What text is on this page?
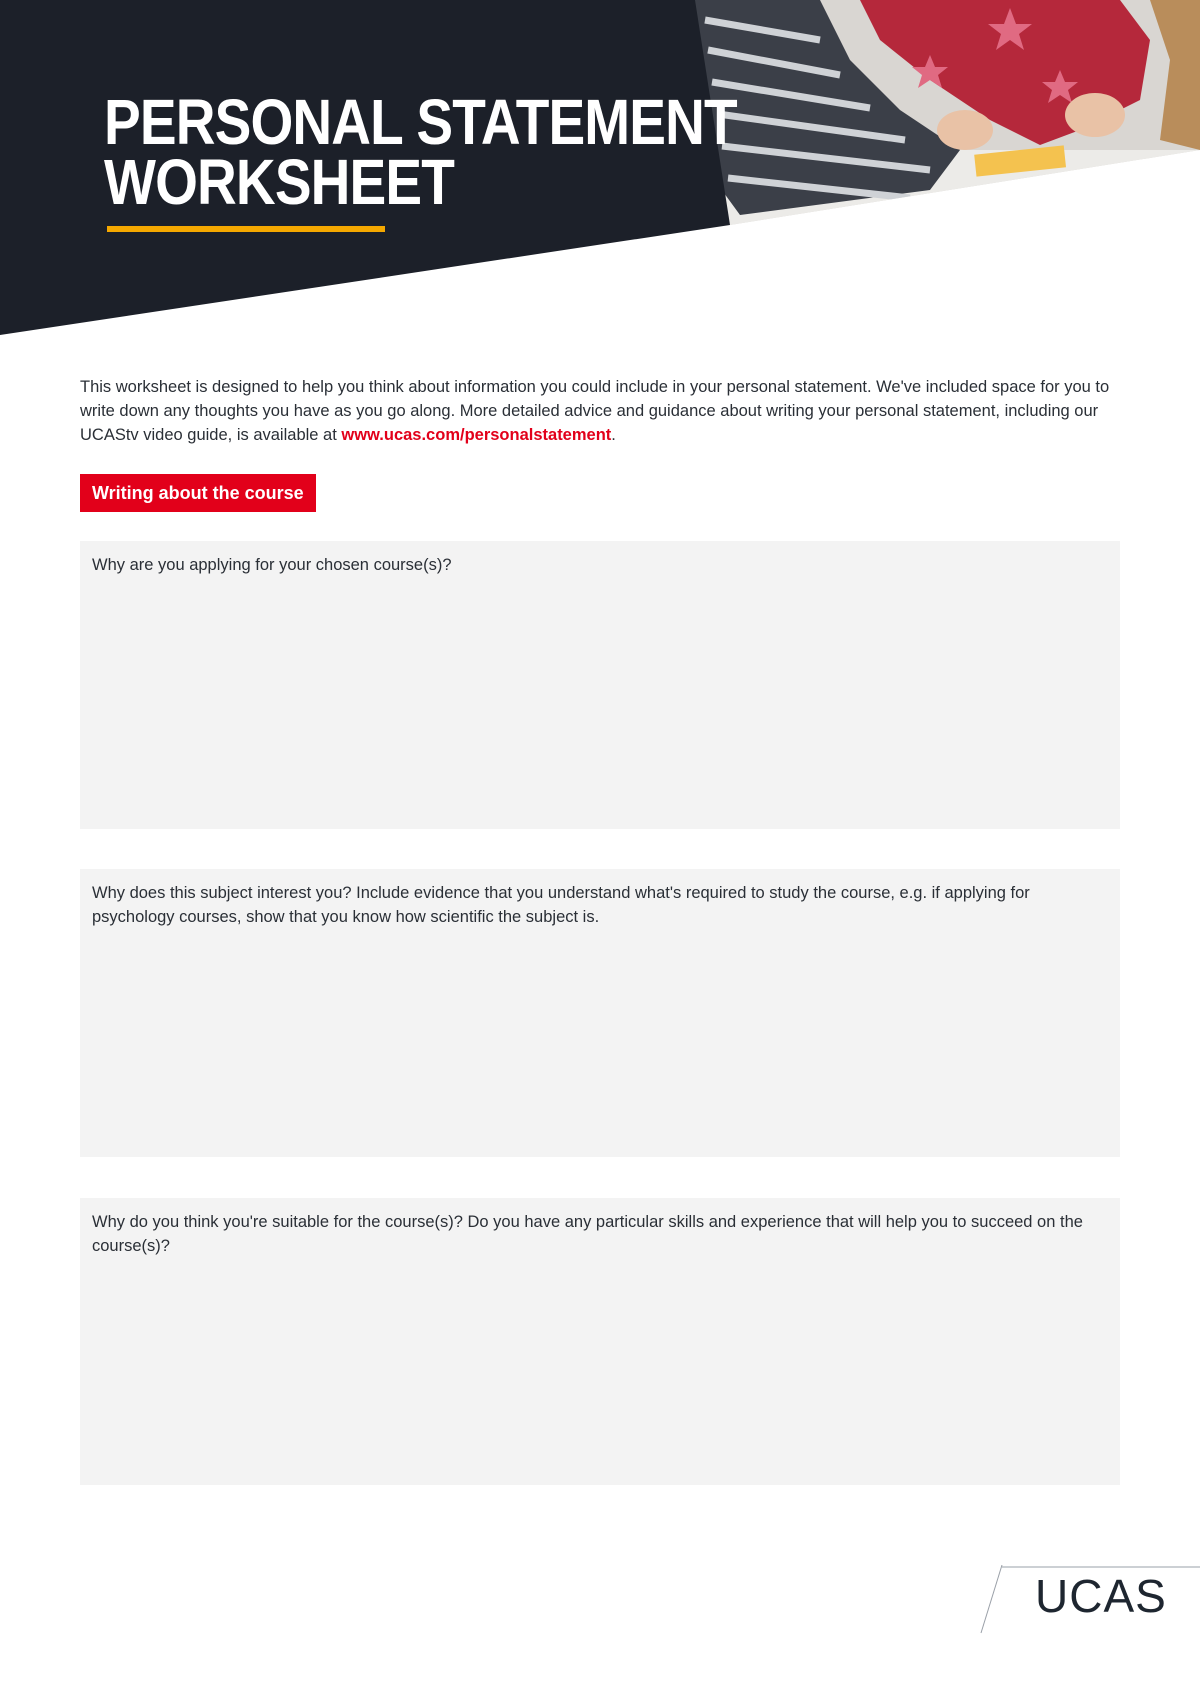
PERSONAL STATEMENT
WORKSHEET

This worksheet is designed to help you think about information you could include in your personal statement. We've included space for you to write down any thoughts you have as you go along. More detailed advice and guidance about writing your personal statement, including our UCAStv video guide, is available at www.ucas.com/personalstatement.

Writing about the course

Why are you applying for your chosen course(s)?

Why does this subject interest you? Include evidence that you understand what's required to study the course, e.g. if applying for psychology courses, show that you know how scientific the subject is.

Why do you think you're suitable for the course(s)? Do you have any particular skills and experience that will help you to succeed on the course(s)?

UCAS
